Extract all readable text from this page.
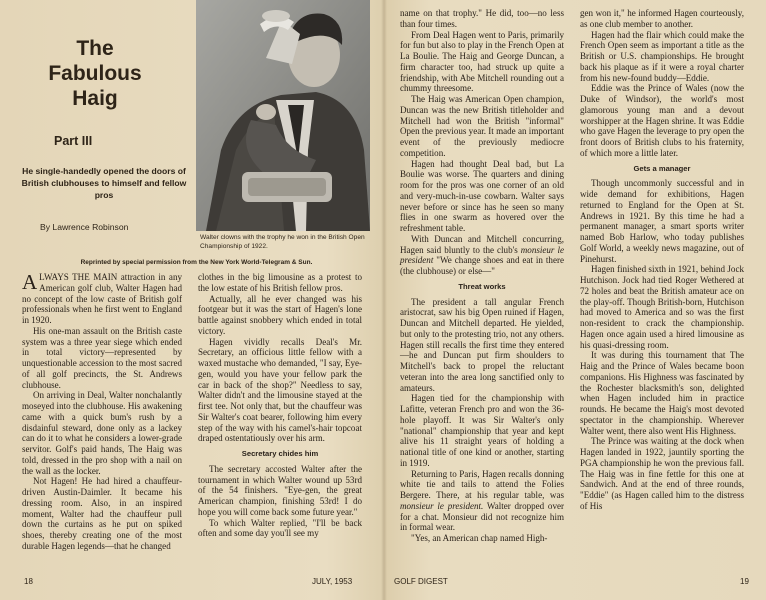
The
Fabulous
Haig
Part III
He single-handedly opened the doors of British clubhouses to himself and fellow pros
By Lawrence Robinson
Walter clowns with the trophy he won in the British Open Championship of 1922.
Reprinted by special permission from the New York World-Telegram & Sun.

ALWAYS THE MAIN attraction in any American golf club, Walter Hagen had no concept of the low caste of British golf professionals when he first went to England in 1920.

His one-man assault on the British caste system was a three year siege which ended in total victory—represented by unquestionable accession to the most sacred of all golf precincts, the St. Andrews clubhouse.

On arriving in Deal, Walter nonchalantly moseyed into the clubhouse. His awakening came with a quick bum's rush by a disdainful steward, done only as a lackey can do it to what he considers a lower-grade servitor. Golf's paid hands, The Haig was told, dressed in the pro shop with a nail on the wall as the locker.

Not Hagen! He had hired a chauffeur-driven Austin-Daimler. It became his dressing room. Also, in an inspired moment, Walter had the chauffeur pull down the curtains as he put on spiked shoes, thereby creating one of the most durable Hagen legends—that he changed

clothes in the big limousine as a protest to the low estate of his British fellow pros.

Actually, all he ever changed was his footgear but it was the start of Hagen's lone battle against snobbery which ended in total victory.

Hagen vividly recalls Deal's Mr. Secretary, an officious little fellow with a waxed mustache who demanded, "I say, Eye-gen, would you have your fellow park the car in back of the shop?" Needless to say, Walter didn't and the limousine stayed at the first tee. Not only that, but the chauffeur was Sir Walter's coat bearer, following him every step of the way with his camel's-hair topcoat draped ostentatiously over his arm.

Secretary chides him

The secretary accosted Walter after the tournament in which Walter wound up 53rd of the 54 finishers. "Eye-gen, the great American champion, finishing 53rd! I do hope you will come back some future year."

To which Walter replied, "I'll be back often and some day you'll see my

18	JULY, 1953

name on that trophy." He did, too—no less than four times.

From Deal Hagen went to Paris, primarily for fun but also to play in the French Open at La Boulie. The Haig and George Duncan, a firm character too, had struck up quite a friendship, with Abe Mitchell rounding out a chummy threesome.

The Haig was American Open champion, Duncan was the new British titleholder and Mitchell had won the British "informal" Open the previous year. It made an important event of the previously mediocre competition.

Hagen had thought Deal bad, but La Boulie was worse. The quarters and dining room for the pros was one corner of an old and very-much-in-use cowbarn. Walter says never before or since has he seen so many flies in one swarm as hovered over the refreshment table.

With Duncan and Mitchell concurring, Hagen said bluntly to the club's monsieur le president "We change shoes and eat in there (the clubhouse) or else—"

Threat works

The president a tall angular French aristocrat, saw his big Open ruined if Hagen, Duncan and Mitchell departed. He yielded, but only to the protesting trio, not any others. Hagen still recalls the first time they entered—he and Duncan put firm shoulders to Mitchell's back to propel the reluctant veteran into the area long sanctified only to amateurs.

Hagen tied for the championship with Lafitte, veteran French pro and won the 36-hole playoff. It was Sir Walter's only "national" championship that year and kept alive his 11 straight years of holding a national title of one kind or another, starting in 1919.

Returning to Paris, Hagen recalls donning white tie and tails to attend the Folies Bergere. There, at his regular table, was monsieur le president. Walter dropped over for a chat. Monsieur did not recognize him in formal wear.

"Yes, an American chap named High-

gen won it," he informed Hagen courteously, as one club member to another.

Hagen had the flair which could make the French Open seem as important a title as the British or U.S. championships. He brought back his plaque as if it were a royal charter from his new-found buddy—Eddie.

Eddie was the Prince of Wales (now the Duke of Windsor), the world's most glamorous young man and a devout worshipper at the Hagen shrine. It was Eddie who gave Hagen the leverage to pry open the front doors of British clubs to his fraternity, of which more a little later.

Gets a manager

Though uncommonly successful and in wide demand for exhibitions, Hagen returned to England for the Open at St. Andrews in 1921. By this time he had a permanent manager, a smart sports writer named Bob Harlow, who today publishes Golf World, a weekly news magazine, out of Pinehurst.

Hagen finished sixth in 1921, behind Jock Hutchison. Jock had tied Roger Wethered at 72 holes and beat the British amateur ace on the play-off. Though British-born, Hutchison had moved to America and so was the first non-resident to crack the championship. Hagen once again used a hired limousine as his quasi-dressing room.

It was during this tournament that The Haig and the Prince of Wales became boon companions. His Highness was fascinated by the Rochester blacksmith's son, delighted when Hagen included him in practice rounds. He became the Haig's most devoted spectator in the championship. Wherever Walter went, there also went His Highness.

The Prince was waiting at the dock when Hagen landed in 1922, jauntily sporting the PGA championship he won the previous fall. The Haig was in fine fettle for this one at Sandwich. And at the end of three rounds, "Eddie" (as Hagen called him to the distress of His

GOLF DIGEST	19
